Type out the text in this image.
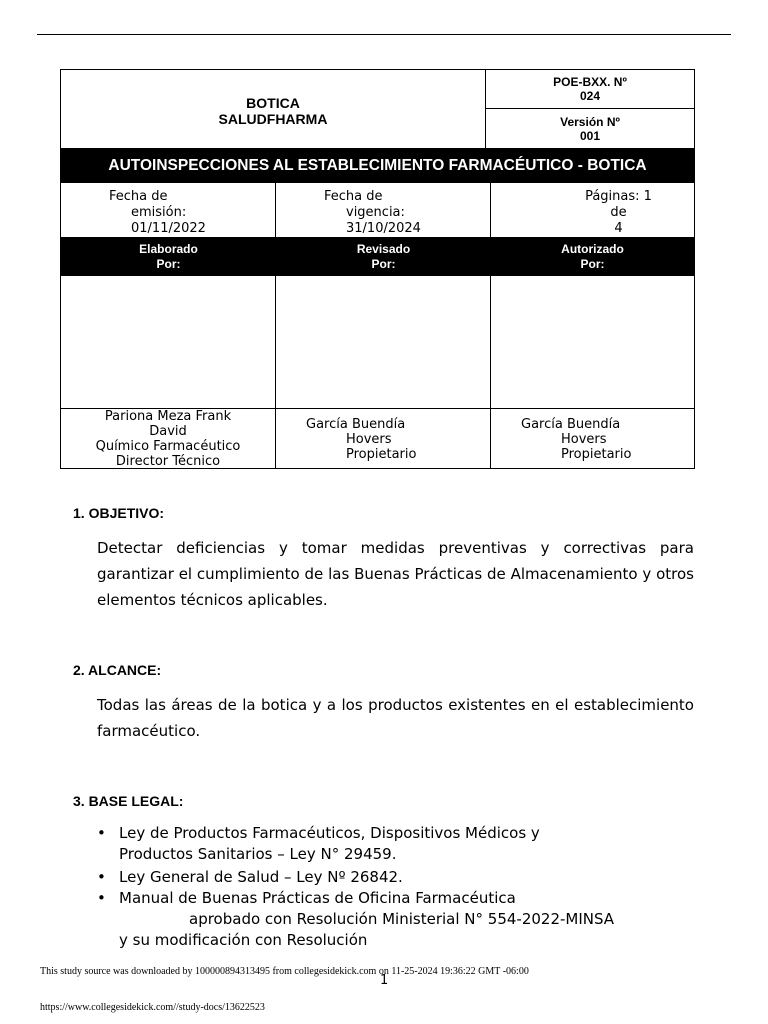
BOTICA
SALUDFHARMA
POE-BXX. Nº
024
Versión Nº
001
AUTOINSPECCIONES AL ESTABLECIMIENTO FARMACÉUTICO - BOTICA
Fecha de
emisión:
01/11/2022
Fecha de
vigencia:
31/10/2024
Páginas: 1
de
4
Elaborado
Por:
Revisado
Por:
Autorizado
Por:
Pariona Meza Frank
David
Químico Farmacéutico
Director Técnico
García Buendía
Hovers
Propietario
García Buendía
Hovers
Propietario
1. OBJETIVO:
Detectar deficiencias y tomar medidas preventivas y correctivas para garantizar el cumplimiento de las Buenas Prácticas de Almacenamiento y otros elementos técnicos aplicables.
2. ALCANCE:
Todas las áreas de la botica y a los productos existentes en el establecimiento farmacéutico.
3. BASE LEGAL:
• Ley de Productos Farmacéuticos, Dispositivos Médicos y
Productos Sanitarios – Ley N° 29459.
• Ley General de Salud – Ley Nº 26842.
• Manual de Buenas Prácticas de Oficina Farmacéutica
aprobado con Resolución Ministerial N° 554-2022-MINSA
y su modificación con Resolución
This study source was downloaded by 100000894313495 from collegesidekick.com on 11-25-2024 19:36:22 GMT -06:00
1
https://www.collegesidekick.com//study-docs/13622523
